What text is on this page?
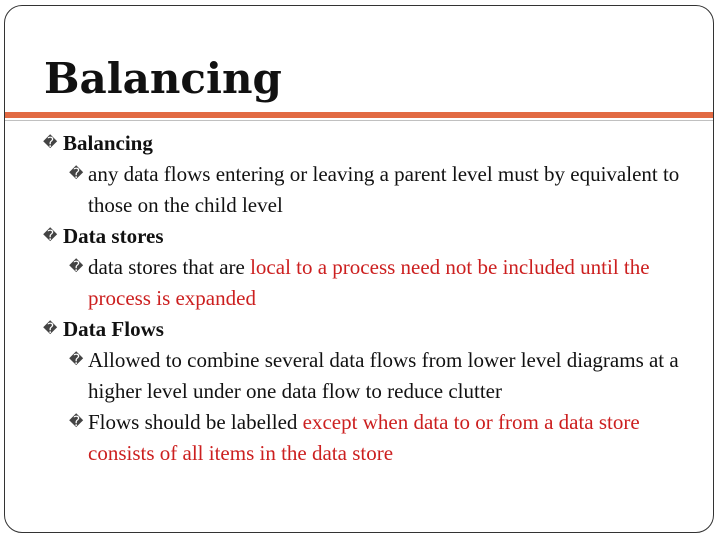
Balancing
� Balancing
� any data flows entering or leaving a parent level must by equivalent to those on the child level
� Data stores
� data stores that are local to a process need not be included until the process is expanded
� Data Flows
� Allowed to combine several data flows from lower level diagrams at a higher level under one data flow to reduce clutter
� Flows should be labelled except when data to or from a data store consists of all items in the data store
